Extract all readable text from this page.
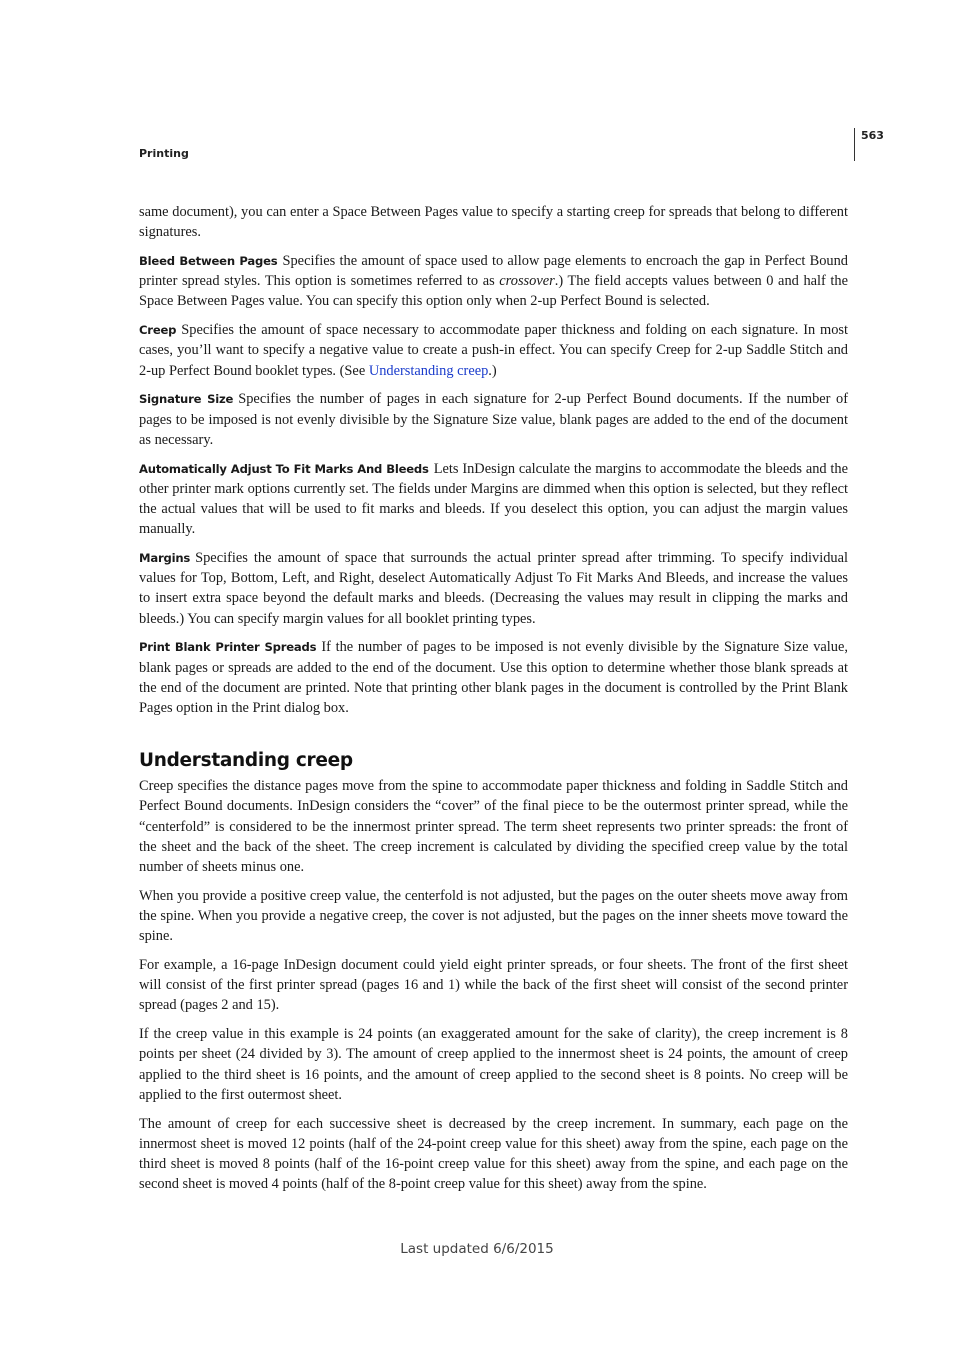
563
Printing

same document), you can enter a Space Between Pages value to specify a starting creep for spreads that belong to different signatures.

Bleed Between Pages Specifies the amount of space used to allow page elements to encroach the gap in Perfect Bound printer spread styles. This option is sometimes referred to as crossover.) The field accepts values between 0 and half the Space Between Pages value. You can specify this option only when 2-up Perfect Bound is selected.

Creep Specifies the amount of space necessary to accommodate paper thickness and folding on each signature. In most cases, you’ll want to specify a negative value to create a push-in effect. You can specify Creep for 2-up Saddle Stitch and 2-up Perfect Bound booklet types. (See Understanding creep.)

Signature Size Specifies the number of pages in each signature for 2-up Perfect Bound documents. If the number of pages to be imposed is not evenly divisible by the Signature Size value, blank pages are added to the end of the document as necessary.

Automatically Adjust To Fit Marks And Bleeds Lets InDesign calculate the margins to accommodate the bleeds and the other printer mark options currently set. The fields under Margins are dimmed when this option is selected, but they reflect the actual values that will be used to fit marks and bleeds. If you deselect this option, you can adjust the margin values manually.

Margins Specifies the amount of space that surrounds the actual printer spread after trimming. To specify individual values for Top, Bottom, Left, and Right, deselect Automatically Adjust To Fit Marks And Bleeds, and increase the values to insert extra space beyond the default marks and bleeds. (Decreasing the values may result in clipping the marks and bleeds.) You can specify margin values for all booklet printing types.

Print Blank Printer Spreads If the number of pages to be imposed is not evenly divisible by the Signature Size value, blank pages or spreads are added to the end of the document. Use this option to determine whether those blank spreads at the end of the document are printed. Note that printing other blank pages in the document is controlled by the Print Blank Pages option in the Print dialog box.

Understanding creep

Creep specifies the distance pages move from the spine to accommodate paper thickness and folding in Saddle Stitch and Perfect Bound documents. InDesign considers the “cover” of the final piece to be the outermost printer spread, while the “centerfold” is considered to be the innermost printer spread. The term sheet represents two printer spreads: the front of the sheet and the back of the sheet. The creep increment is calculated by dividing the specified creep value by the total number of sheets minus one.

When you provide a positive creep value, the centerfold is not adjusted, but the pages on the outer sheets move away from the spine. When you provide a negative creep, the cover is not adjusted, but the pages on the inner sheets move toward the spine.

For example, a 16-page InDesign document could yield eight printer spreads, or four sheets. The front of the first sheet will consist of the first printer spread (pages 16 and 1) while the back of the first sheet will consist of the second printer spread (pages 2 and 15).

If the creep value in this example is 24 points (an exaggerated amount for the sake of clarity), the creep increment is 8 points per sheet (24 divided by 3). The amount of creep applied to the innermost sheet is 24 points, the amount of creep applied to the third sheet is 16 points, and the amount of creep applied to the second sheet is 8 points. No creep will be applied to the first outermost sheet.

The amount of creep for each successive sheet is decreased by the creep increment. In summary, each page on the innermost sheet is moved 12 points (half of the 24-point creep value for this sheet) away from the spine, each page on the third sheet is moved 8 points (half of the 16-point creep value for this sheet) away from the spine, and each page on the second sheet is moved 4 points (half of the 8-point creep value for this sheet) away from the spine.

Last updated 6/6/2015
